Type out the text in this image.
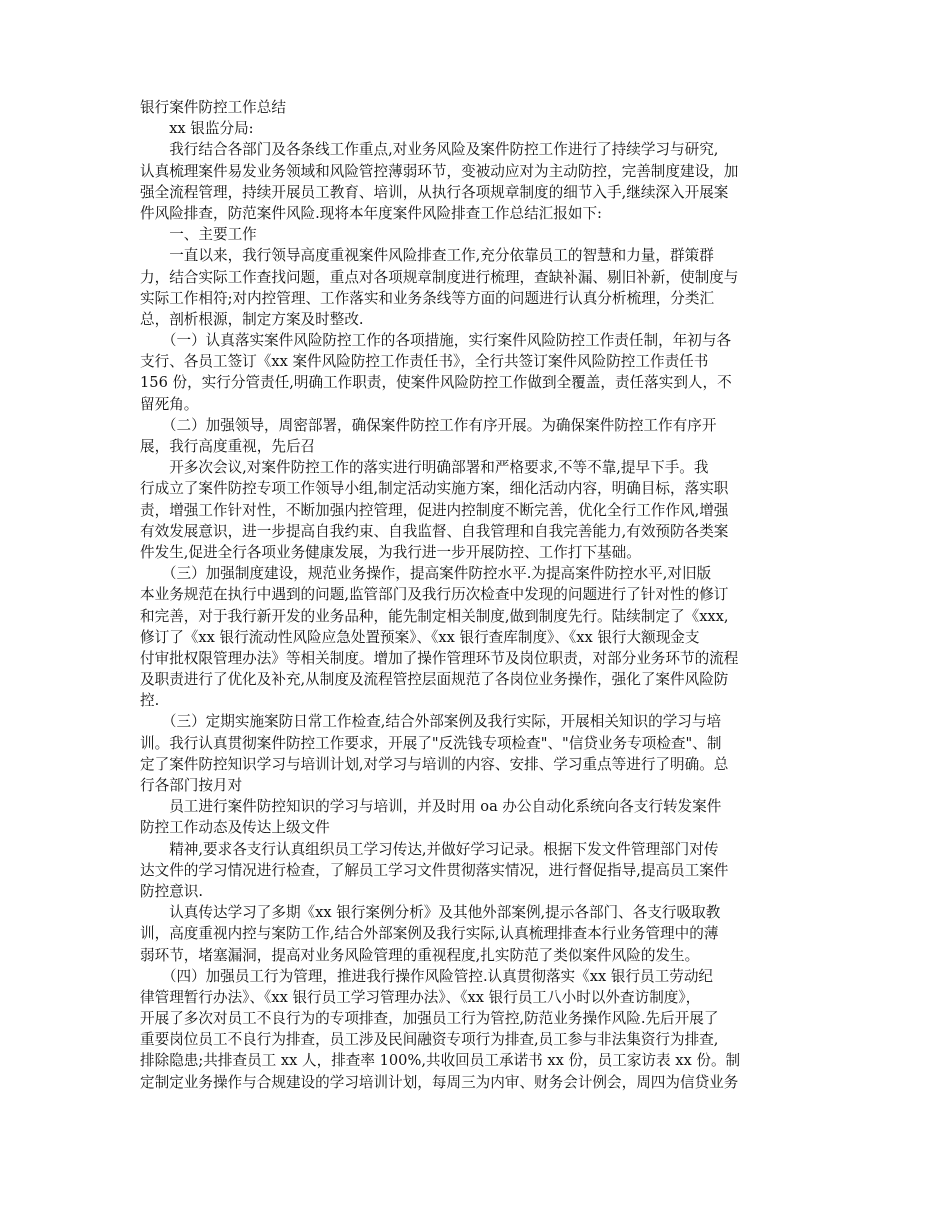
银行案件防控工作总结
　　xx 银监分局:
　　我行结合各部门及各条线工作重点,对业务风险及案件防控工作进行了持续学习与研究,
认真梳理案件易发业务领域和风险管控薄弱环节，变被动应对为主动防控，完善制度建设，加
强全流程管理，持续开展员工教育、培训，从执行各项规章制度的细节入手,继续深入开展案
件风险排查，防范案件风险.现将本年度案件风险排查工作总结汇报如下:
　　一、主要工作
　　一直以来，我行领导高度重视案件风险排查工作,充分依靠员工的智慧和力量，群策群
力，结合实际工作查找问题，重点对各项规章制度进行梳理，查缺补漏、剔旧补新，使制度与
实际工作相符;对内控管理、工作落实和业务条线等方面的问题进行认真分析梳理，分类汇
总，剖析根源，制定方案及时整改.
　　（一）认真落实案件风险防控工作的各项措施，实行案件风险防控工作责任制，年初与各
支行、各员工签订《xx 案件风险防控工作责任书》，全行共签订案件风险防控工作责任书
156 份，实行分管责任,明确工作职责，使案件风险防控工作做到全覆盖，责任落实到人，不
留死角。
　　（二）加强领导，周密部署，确保案件防控工作有序开展。为确保案件防控工作有序开
展，我行高度重视，先后召
　　开多次会议,对案件防控工作的落实进行明确部署和严格要求,不等不靠,提早下手。我
行成立了案件防控专项工作领导小组,制定活动实施方案，细化活动内容，明确目标，落实职
责，增强工作针对性，不断加强内控管理，促进内控制度不断完善，优化全行工作作风,增强
有效发展意识，进一步提高自我约束、自我监督、自我管理和自我完善能力,有效预防各类案
件发生,促进全行各项业务健康发展，为我行进一步开展防控、工作打下基础。
　　（三）加强制度建设，规范业务操作，提高案件防控水平.为提高案件防控水平,对旧版
本业务规范在执行中遇到的问题,监管部门及我行历次检查中发现的问题进行了针对性的修订
和完善，对于我行新开发的业务品种，能先制定相关制度,做到制度先行。陆续制定了《xxx,
修订了《xx 银行流动性风险应急处置预案》、《xx 银行查库制度》、《xx 银行大额现金支
付审批权限管理办法》等相关制度。增加了操作管理环节及岗位职责，对部分业务环节的流程
及职责进行了优化及补充,从制度及流程管控层面规范了各岗位业务操作，强化了案件风险防
控.
　　（三）定期实施案防日常工作检查,结合外部案例及我行实际，开展相关知识的学习与培
训。我行认真贯彻案件防控工作要求，开展了"反洗钱专项检查"、"信贷业务专项检查"、制
定了案件防控知识学习与培训计划,对学习与培训的内容、安排、学习重点等进行了明确。总
行各部门按月对
　　员工进行案件防控知识的学习与培训，并及时用 oa 办公自动化系统向各支行转发案件
防控工作动态及传达上级文件
　　精神,要求各支行认真组织员工学习传达,并做好学习记录。根据下发文件管理部门对传
达文件的学习情况进行检查，了解员工学习文件贯彻落实情况，进行督促指导,提高员工案件
防控意识.
　　认真传达学习了多期《xx 银行案例分析》及其他外部案例,提示各部门、各支行吸取教
训，高度重视内控与案防工作,结合外部案例及我行实际,认真梳理排查本行业务管理中的薄
弱环节，堵塞漏洞，提高对业务风险管理的重视程度,扎实防范了类似案件风险的发生。
　　（四）加强员工行为管理，推进我行操作风险管控.认真贯彻落实《xx 银行员工劳动纪
律管理暂行办法》、《xx 银行员工学习管理办法》、《xx 银行员工八小时以外查访制度》，
开展了多次对员工不良行为的专项排查，加强员工行为管控,防范业务操作风险.先后开展了
重要岗位员工不良行为排查，员工涉及民间融资专项行为排查,员工参与非法集资行为排查,
排除隐患;共排查员工 xx 人，排查率 100%,共收回员工承诺书 xx 份，员工家访表 xx 份。制
定制定业务操作与合规建设的学习培训计划，每周三为内审、财务会计例会，周四为信贷业务
